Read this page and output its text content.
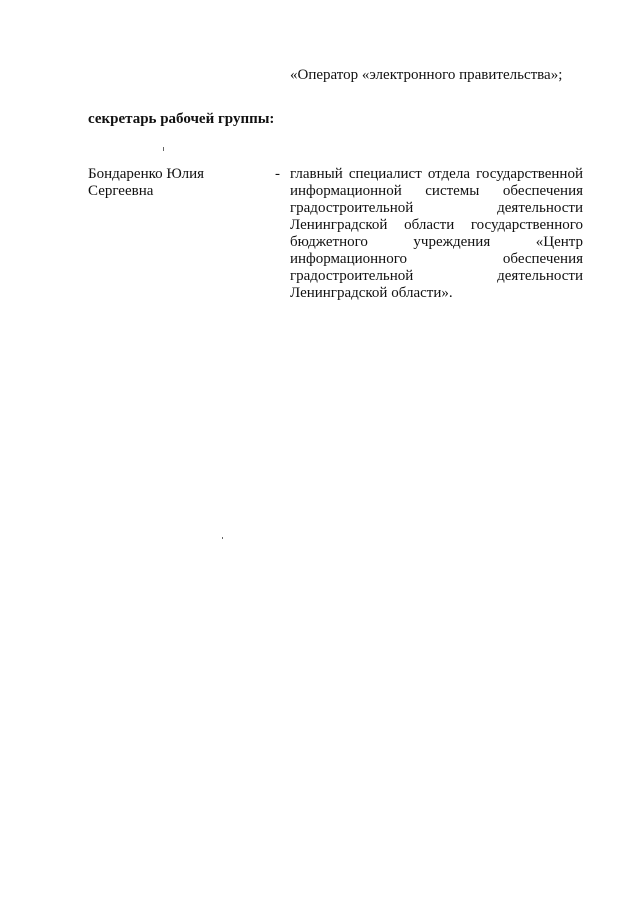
«Оператор «электронного правительства»;
секретарь рабочей группы:
Бондаренко Юлия
Сергеевна
- главный специалист отдела государственной информационной системы обеспечения градостроительной деятельности Ленинградской области государственного бюджетного учреждения «Центр информационного обеспечения градостроительной деятельности Ленинградской области».
